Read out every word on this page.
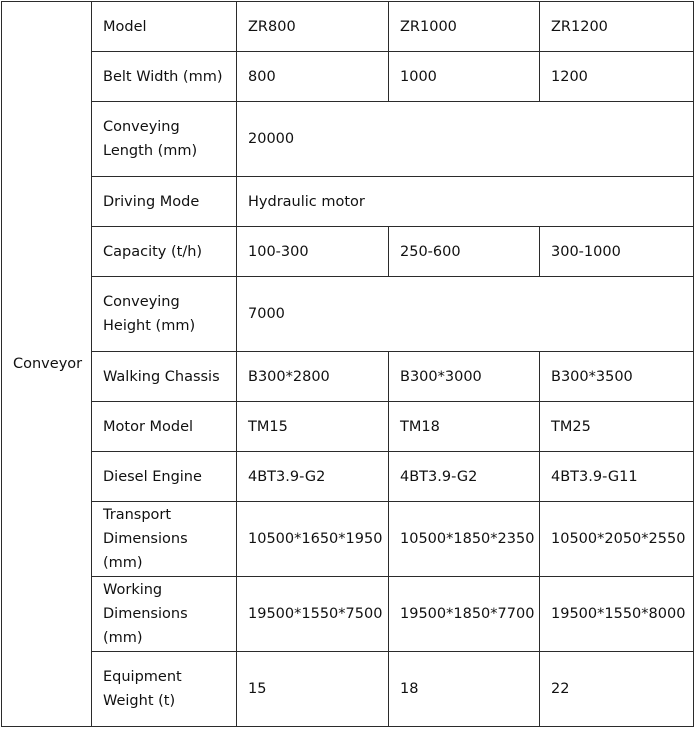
Conveyor	Model	ZR800	ZR1000	ZR1200
	Belt Width (mm)	800	1000	1200
	Conveying Length (mm)	20000		
	Driving Mode	Hydraulic motor		
	Capacity (t/h)	100-300	250-600	300-1000
	Conveying Height (mm)	7000		
	Walking Chassis	B300*2800	B300*3000	B300*3500
	Motor Model	TM15	TM18	TM25
	Diesel Engine	4BT3.9-G2	4BT3.9-G2	4BT3.9-G11
	Transport Dimensions (mm)	10500*1650*1950	10500*1850*2350	10500*2050*2550
	Working Dimensions (mm)	19500*1550*7500	19500*1850*7700	19500*1550*8000
	Equipment Weight (t)	15	18	22
